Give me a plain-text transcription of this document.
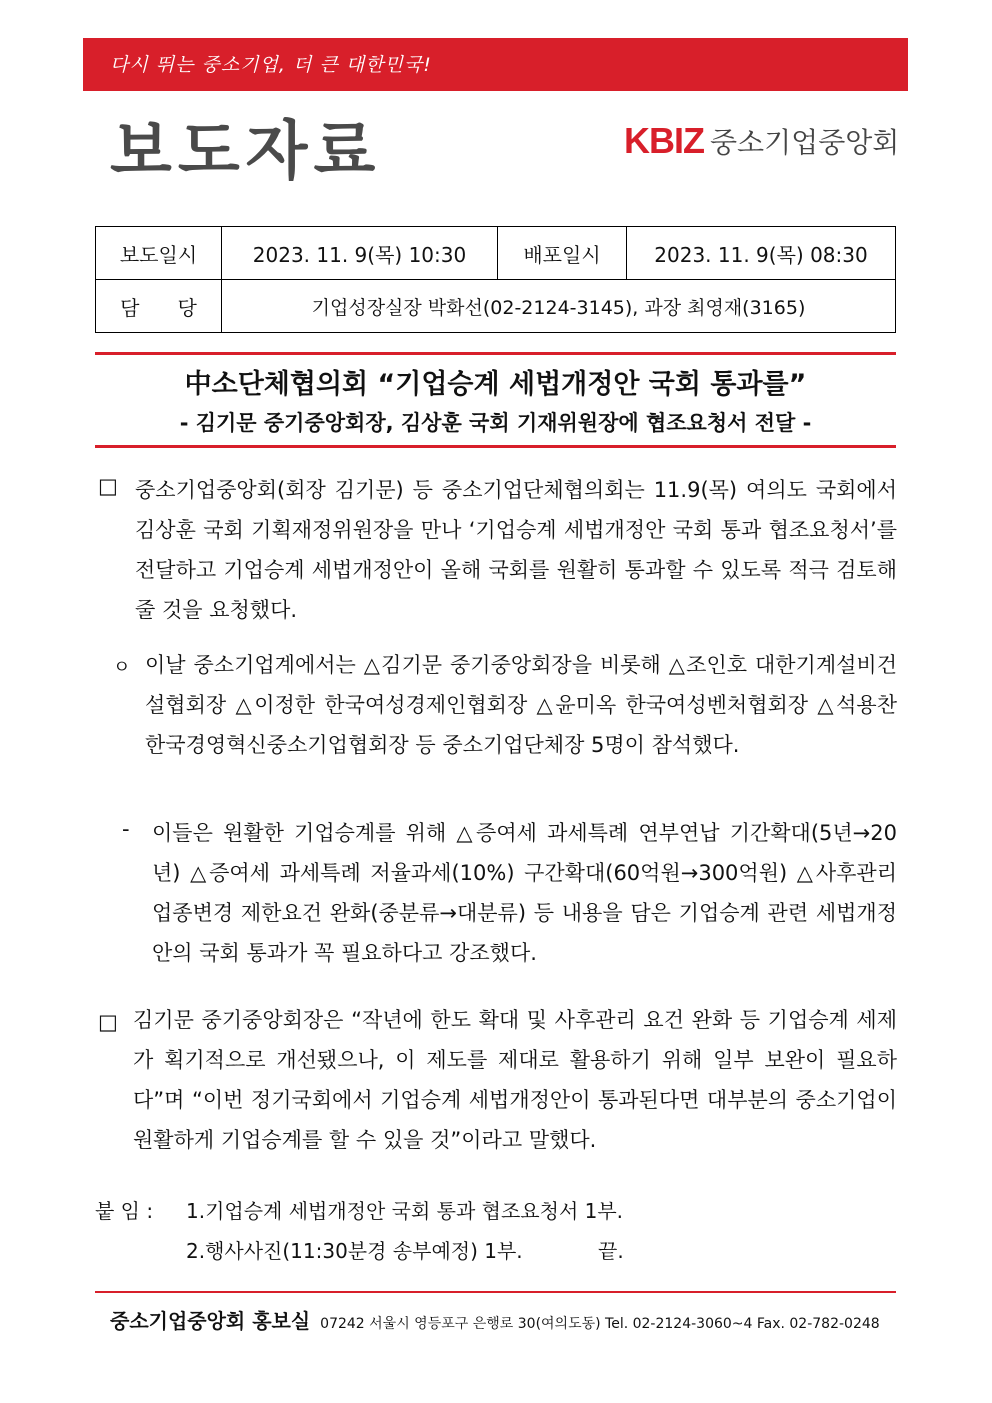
다시 뛰는 중소기업, 더 큰 대한민국!
보도자료	KBIZ 중소기업중앙회
보도일시	2023. 11. 9(목) 10:30	배포일시	2023. 11. 9(목) 08:30
담      당	기업성장실장 박화선(02-2124-3145), 과장 최영재(3165)		
中소단체협의회 “기업승계 세법개정안 국회 통과를”
- 김기문 중기중앙회장, 김상훈 국회 기재위원장에 협조요청서 전달 -
□ 중소기업중앙회(회장 김기문) 등 중소기업단체협의회는 11.9(목) 여의도 국회에서 김상훈 국회 기획재정위원장을 만나 ‘기업승계 세법개정안 국회 통과 협조요청서’를 전달하고 기업승계 세법개정안이 올해 국회를 원활히 통과할 수 있도록 적극 검토해줄 것을 요청했다.
ㅇ 이날 중소기업계에서는 △김기문 중기중앙회장을 비롯해 △조인호 대한기계설비건설협회장 △이정한 한국여성경제인협회장 △윤미옥 한국여성벤처협회장 △석용찬 한국경영혁신중소기업협회장 등 중소기업단체장 5명이 참석했다.
- 이들은 원활한 기업승계를 위해 △증여세 과세특례 연부연납 기간확대(5년→20년) △증여세 과세특례 저율과세(10%) 구간확대(60억원→300억원) △사후관리 업종변경 제한요건 완화(중분류→대분류) 등 내용을 담은 기업승계 관련 세법개정안의 국회 통과가 꼭 필요하다고 강조했다.
□ 김기문 중기중앙회장은 “작년에 한도 확대 및 사후관리 요건 완화 등 기업승계 세제가 획기적으로 개선됐으나, 이 제도를 제대로 활용하기 위해 일부 보완이 필요하다”며 “이번 정기국회에서 기업승계 세법개정안이 통과된다면 대부분의 중소기업이 원활하게 기업승계를 할 수 있을 것”이라고 말했다.
붙 임 : 1.기업승계 세법개정안 국회 통과 협조요청서 1부.
2.행사사진(11:30분경 송부예정) 1부.	끝.
중소기업중앙회 홍보실 07242 서울시 영등포구 은행로 30(여의도동) Tel. 02-2124-3060~4 Fax. 02-782-0248
